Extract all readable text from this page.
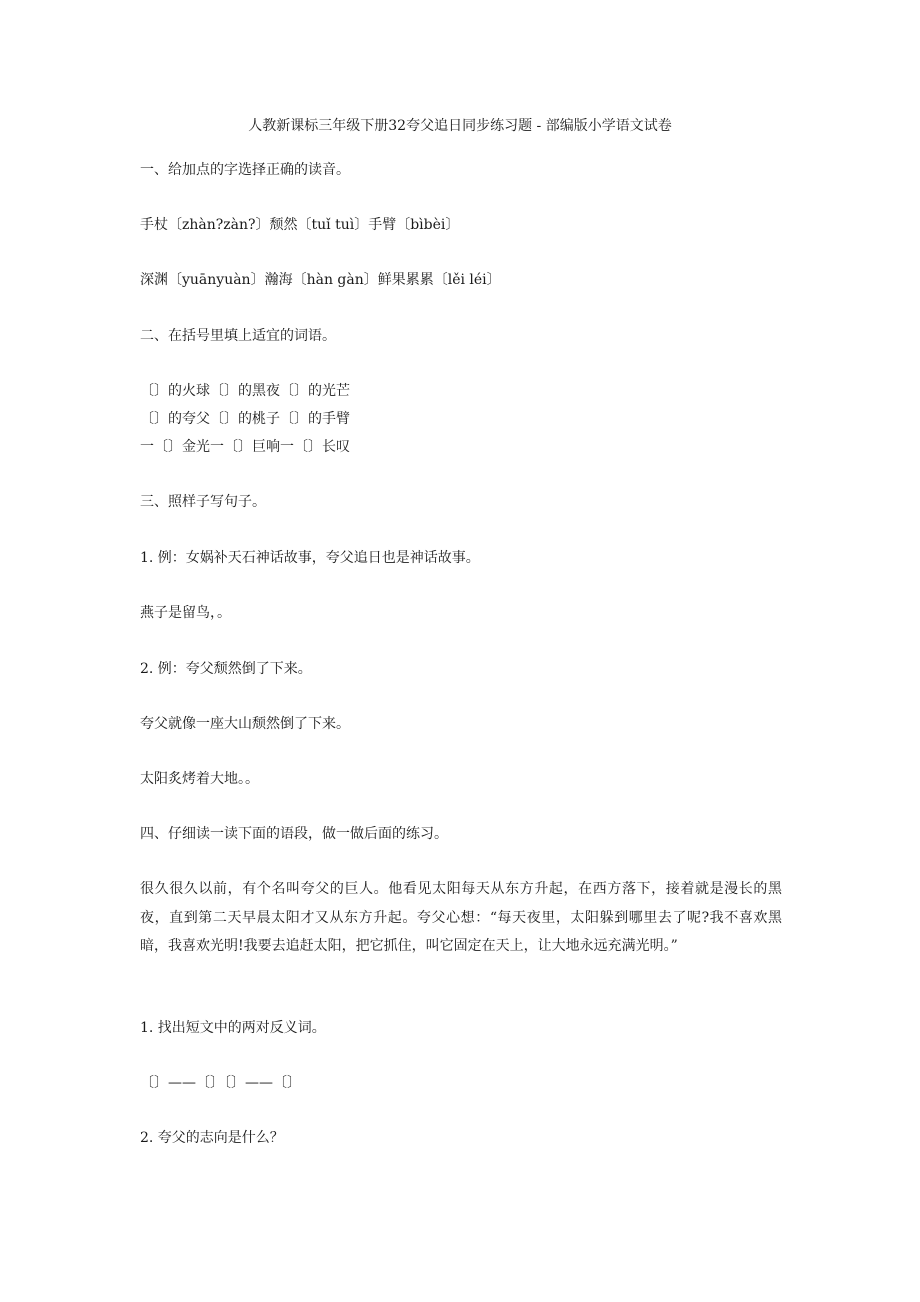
人教新课标三年级下册32夸父追日同步练习题 - 部编版小学语文试卷
一、给加点的字选择正确的读音。
手杖〔zhàn?zàn?〕颓然〔tuǐ tuì〕手臂〔bìbèi〕
深渊〔yuānyuàn〕瀚海〔hàn gàn〕鲜果累累〔lěi léi〕
二、在括号里填上适宜的词语。
〔〕的火球〔〕的黑夜〔〕的光芒
〔〕的夸父〔〕的桃子〔〕的手臂
一〔〕金光一〔〕巨响一〔〕长叹
三、照样子写句子。
1. 例：女娲补天石神话故事，夸父追日也是神话故事。
燕子是留鸟，。
2. 例：夸父颓然倒了下来。
夸父就像一座大山颓然倒了下来。
太阳炙烤着大地。。
四、仔细读一读下面的语段，做一做后面的练习。
很久很久以前，有个名叫夸父的巨人。他看见太阳每天从东方升起，在西方落下，接着就是漫长的黑夜，直到第二天早晨太阳才又从东方升起。夸父心想：“每天夜里，太阳躲到哪里去了呢?我不喜欢黑暗，我喜欢光明!我要去追赶太阳，把它抓住，叫它固定在天上，让大地永远充满光明。”
1. 找出短文中的两对反义词。
〔〕——〔〕〔〕——〔〕
2. 夸父的志向是什么？
